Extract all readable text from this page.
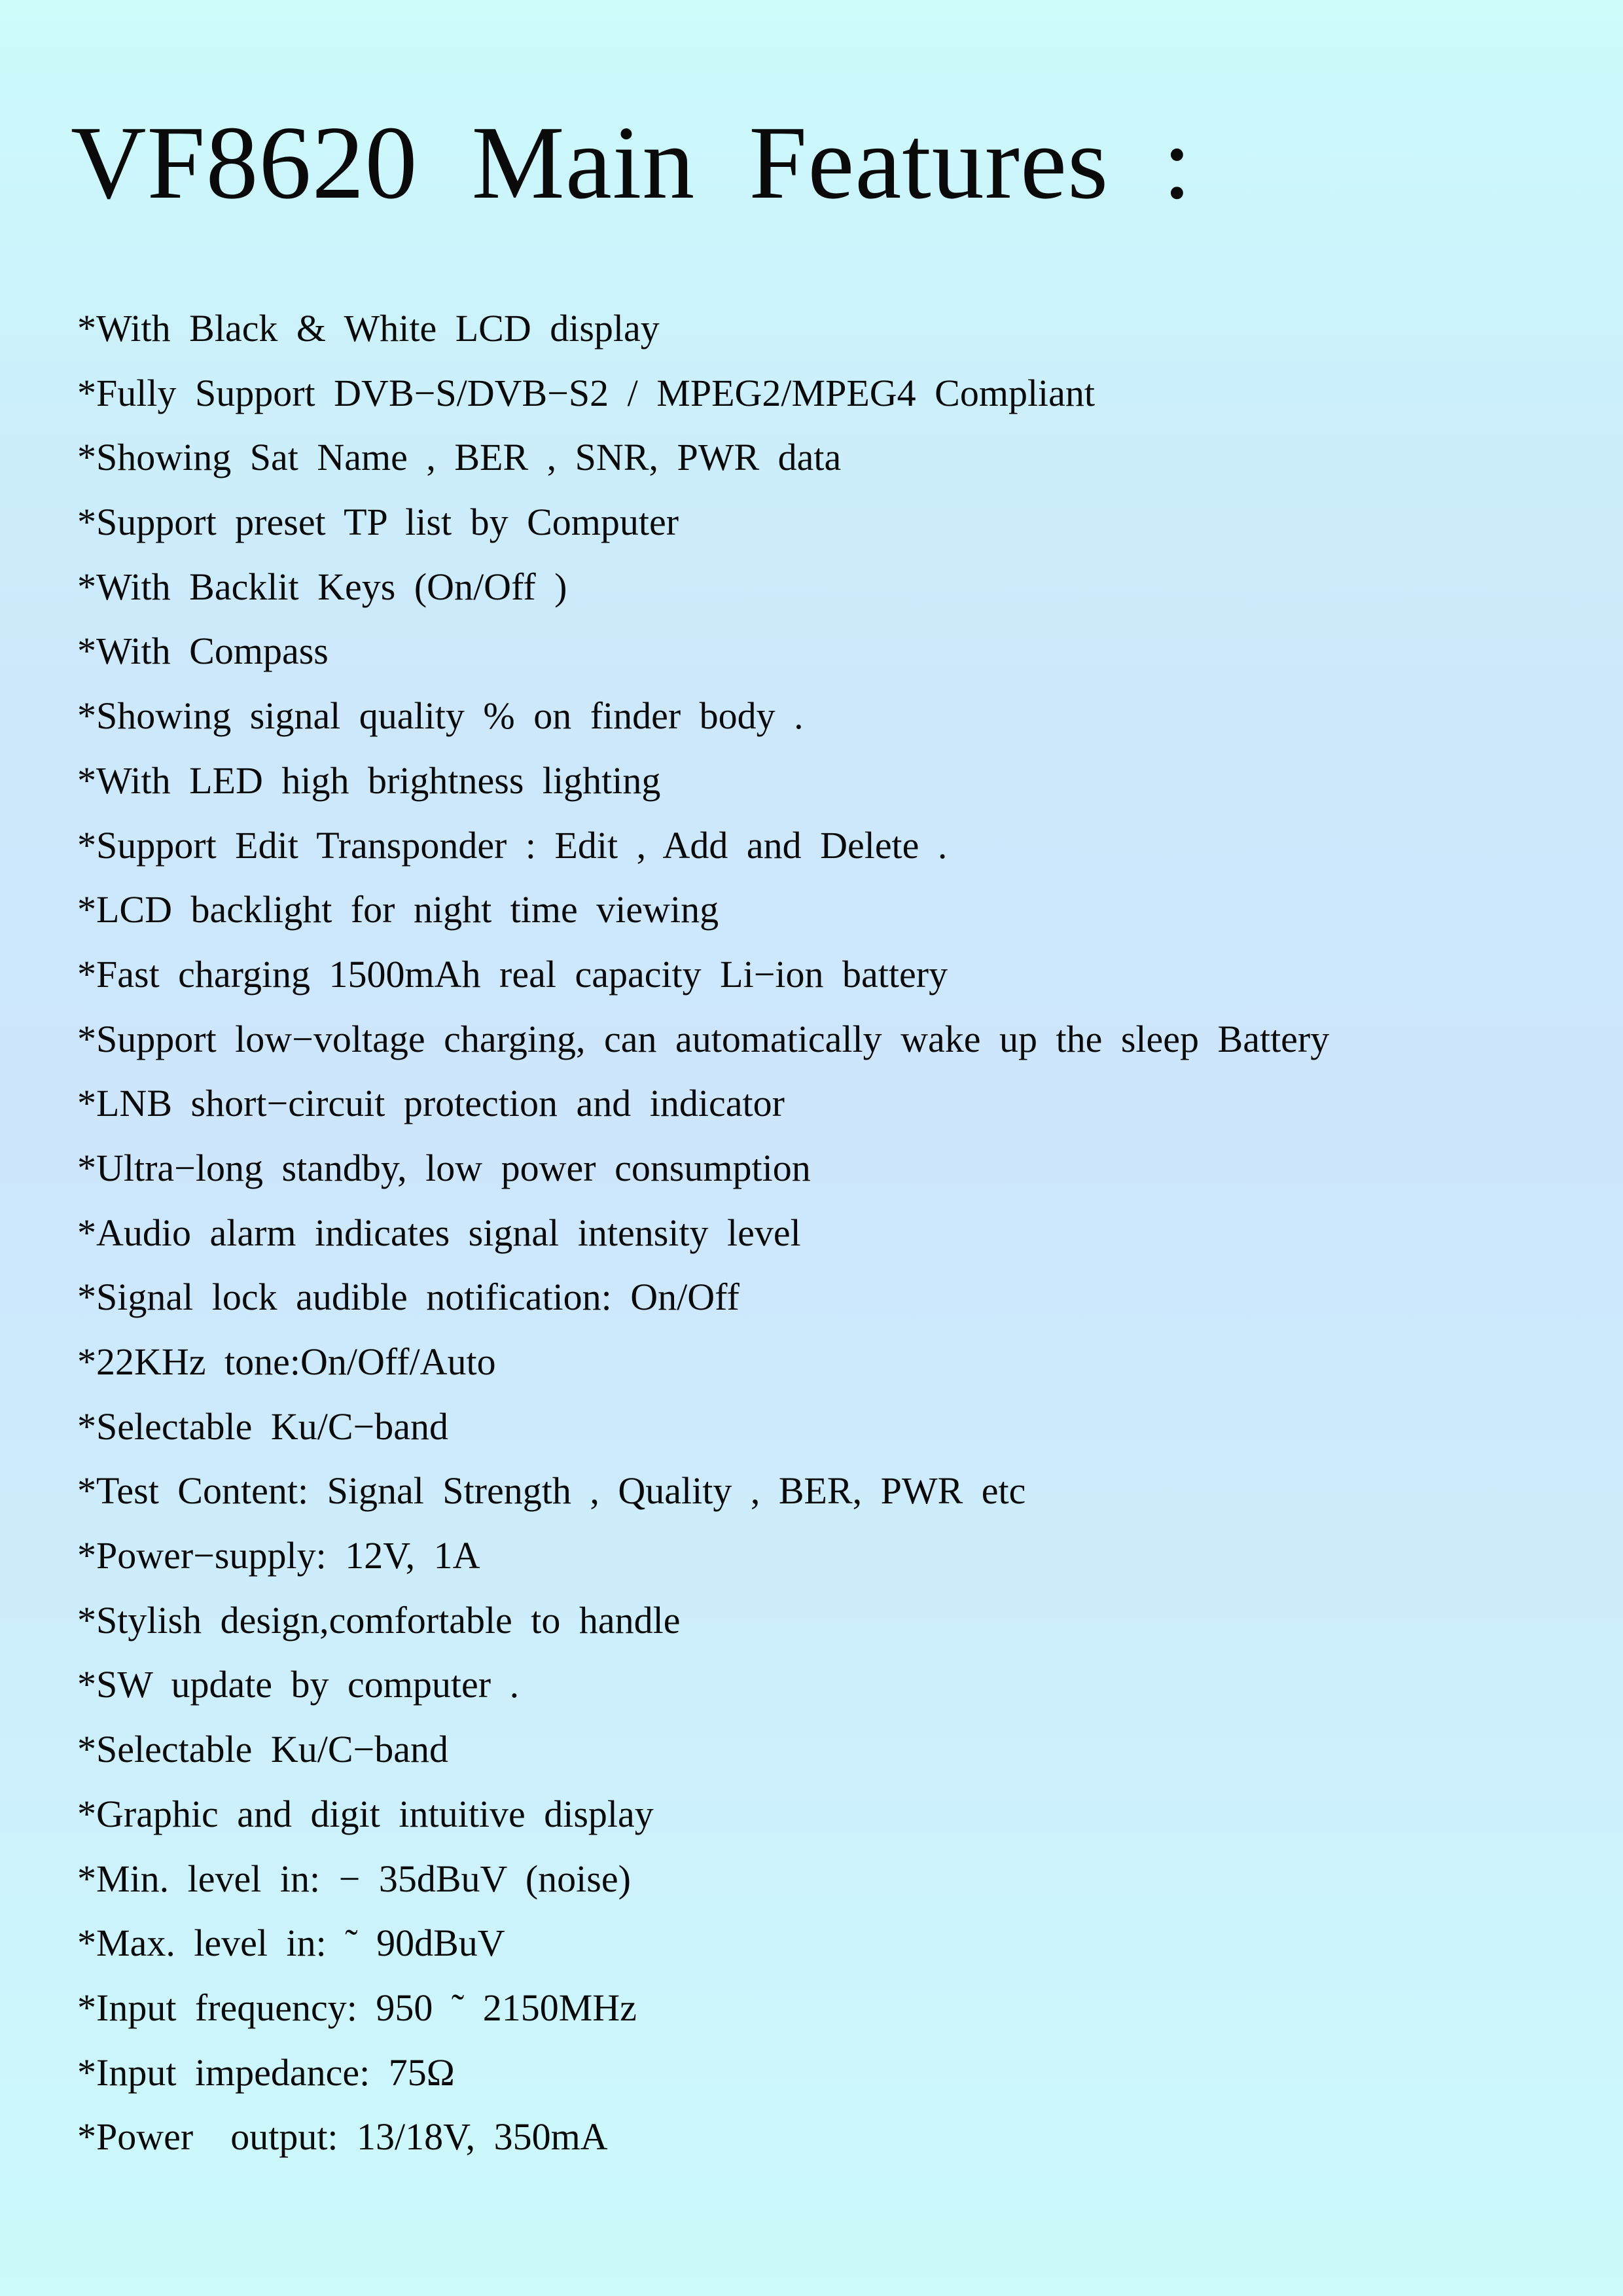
VF8620  Main  Features  :
*With Black & White LCD display
*Fully Support DVB−S/DVB−S2 / MPEG2/MPEG4 Compliant
*Showing Sat Name , BER , SNR, PWR data
*Support preset TP list by Computer
*With Backlit Keys (On/Off )
*With Compass
*Showing signal quality % on finder body .
*With LED high brightness lighting
*Support Edit Transponder : Edit , Add and Delete .
*LCD backlight for night time viewing
*Fast charging 1500mAh real capacity Li−ion battery
*Support low−voltage charging, can automatically wake up the sleep Battery
*LNB short−circuit protection and indicator
*Ultra−long standby, low power consumption
*Audio alarm indicates signal intensity level
*Signal lock audible notification: On/Off
*22KHz tone:On/Off/Auto
*Selectable Ku/C−band
*Test Content: Signal Strength , Quality , BER, PWR etc
*Power−supply: 12V, 1A
*Stylish design,comfortable to handle
*SW update by computer .
*Selectable Ku/C−band
*Graphic and digit intuitive display
*Min. level in: − 35dBuV (noise)
*Max. level in: ˜ 90dBuV
*Input frequency: 950 ˜ 2150MHz
*Input impedance: 75Ω
*Power  output: 13/18V, 350mA
